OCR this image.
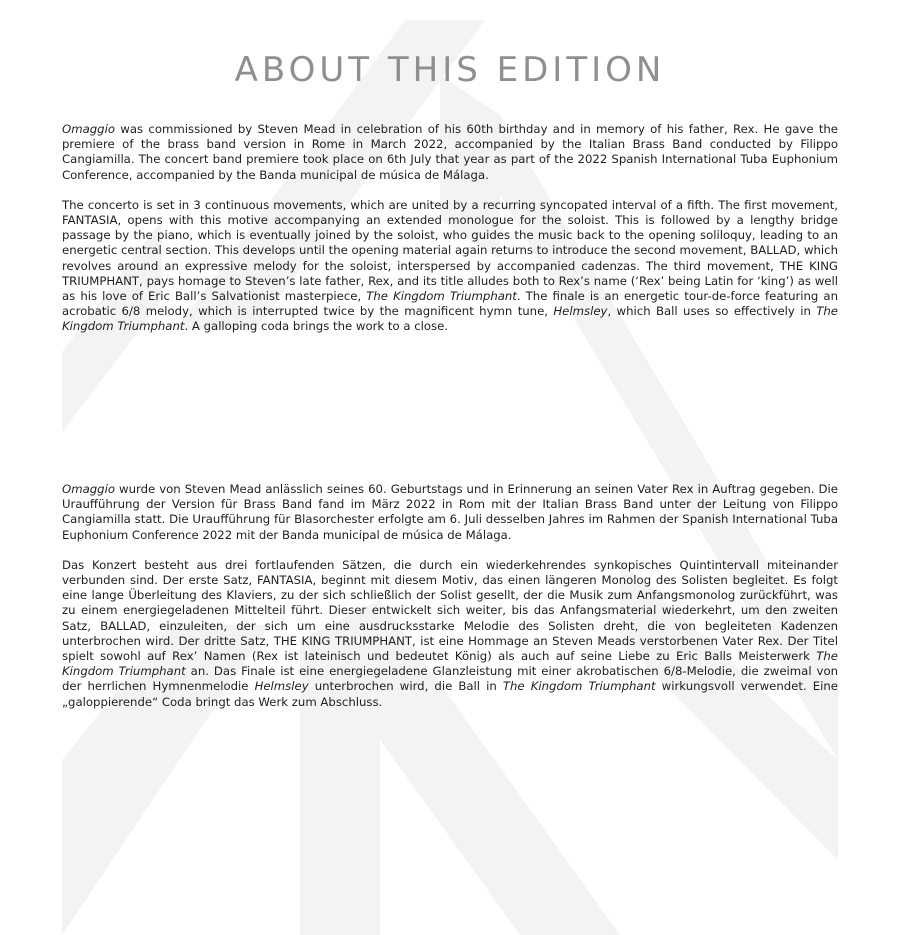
ABOUT THIS EDITION

Omaggio was commissioned by Steven Mead in celebration of his 60th birthday and in memory of his father, Rex. He gave the premiere of the brass band version in Rome in March 2022, accompanied by the Italian Brass Band conducted by Filippo Cangiamilla. The concert band premiere took place on 6th July that year as part of the 2022 Spanish International Tuba Euphonium Conference, accompanied by the Banda municipal de música de Málaga.

The concerto is set in 3 continuous movements, which are united by a recurring syncopated interval of a fifth. The first movement, FANTASIA, opens with this motive accompanying an extended monologue for the soloist. This is followed by a lengthy bridge passage by the piano, which is eventually joined by the soloist, who guides the music back to the opening soliloquy, leading to an energetic central section. This develops until the opening material again returns to introduce the second movement, BALLAD, which revolves around an expressive melody for the soloist, interspersed by accompanied cadenzas. The third movement, THE KING TRIUMPHANT, pays homage to Steven’s late father, Rex, and its title alludes both to Rex’s name (‘Rex’ being Latin for ‘king’) as well as his love of Eric Ball’s Salvationist masterpiece, The Kingdom Triumphant. The finale is an energetic tour-de-force featuring an acrobatic 6/8 melody, which is interrupted twice by the magnificent hymn tune, Helmsley, which Ball uses so effectively in The Kingdom Triumphant. A galloping coda brings the work to a close.

Omaggio wurde von Steven Mead anlässlich seines 60. Geburtstags und in Erinnerung an seinen Vater Rex in Auftrag gegeben. Die Uraufführung der Version für Brass Band fand im März 2022 in Rom mit der Italian Brass Band unter der Leitung von Filippo Cangiamilla statt. Die Uraufführung für Blasorchester erfolgte am 6. Juli desselben Jahres im Rahmen der Spanish International Tuba Euphonium Conference 2022 mit der Banda municipal de música de Málaga.

Das Konzert besteht aus drei fortlaufenden Sätzen, die durch ein wiederkehrendes synkopisches Quintintervall miteinander verbunden sind. Der erste Satz, FANTASIA, beginnt mit diesem Motiv, das einen längeren Monolog des Solisten begleitet. Es folgt eine lange Überleitung des Klaviers, zu der sich schließlich der Solist gesellt, der die Musik zum Anfangsmonolog zurückführt, was zu einem energiegeladenen Mittelteil führt. Dieser entwickelt sich weiter, bis das Anfangsmaterial wiederkehrt, um den zweiten Satz, BALLAD, einzuleiten, der sich um eine ausdrucksstarke Melodie des Solisten dreht, die von begleiteten Kadenzen unterbrochen wird. Der dritte Satz, THE KING TRIUMPHANT, ist eine Hommage an Steven Meads verstorbenen Vater Rex. Der Titel spielt sowohl auf Rex’ Namen (Rex ist lateinisch und bedeutet König) als auch auf seine Liebe zu Eric Balls Meisterwerk The Kingdom Triumphant an. Das Finale ist eine energiegeladene Glanzleistung mit einer akrobatischen 6/8-Melodie, die zweimal von der herrlichen Hymnenmelodie Helmsley unterbrochen wird, die Ball in The Kingdom Triumphant wirkungsvoll verwendet. Eine „galoppierende“ Coda bringt das Werk zum Abschluss.
